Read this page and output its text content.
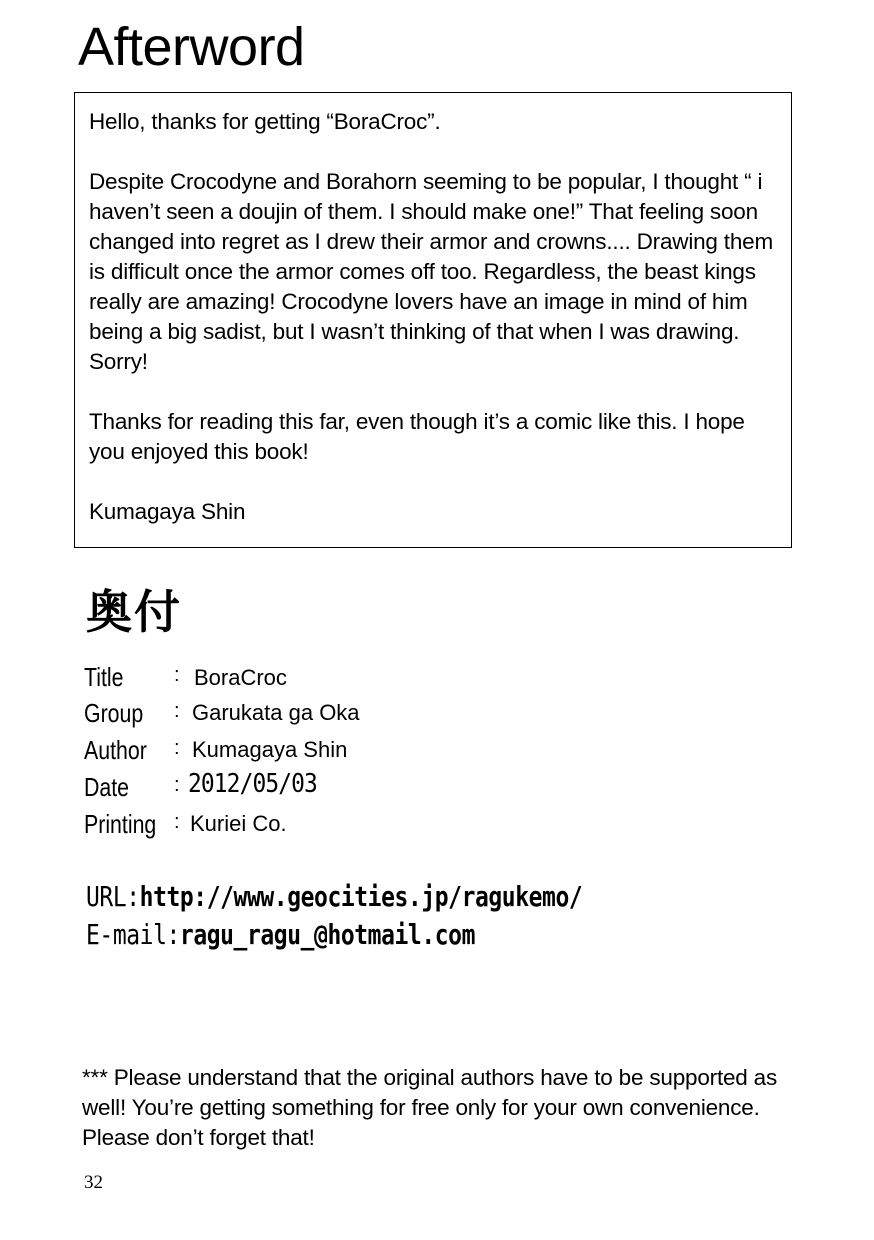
Afterword

Hello, thanks for getting “BoraCroc”.

Despite Crocodyne and Borahorn seeming to be popular, I thought “ i haven’t seen a doujin of them. I should make one!” That feeling soon changed into regret as I drew their armor and crowns.... Drawing them is difficult once the armor comes off too. Regardless, the beast kings really are amazing! Crocodyne lovers have an image in mind of him being a big sadist, but I wasn’t thinking of that when I was drawing. Sorry!

Thanks for reading this far, even though it’s a comic like this. I hope you enjoyed this book!

Kumagaya Shin

奥付
Title	: BoraCroc
Group : Garukata ga Oka
Author : Kumagaya Shin
Date : 2012/05/03
Printing : Kuriei Co.
URL:http://www.geocities.jp/ragukemo/
E-mail:ragu_ragu_@hotmail.com

*** Please understand that the original authors have to be supported as well! You’re getting something for free only for your own convenience. Please don’t forget that!

32
